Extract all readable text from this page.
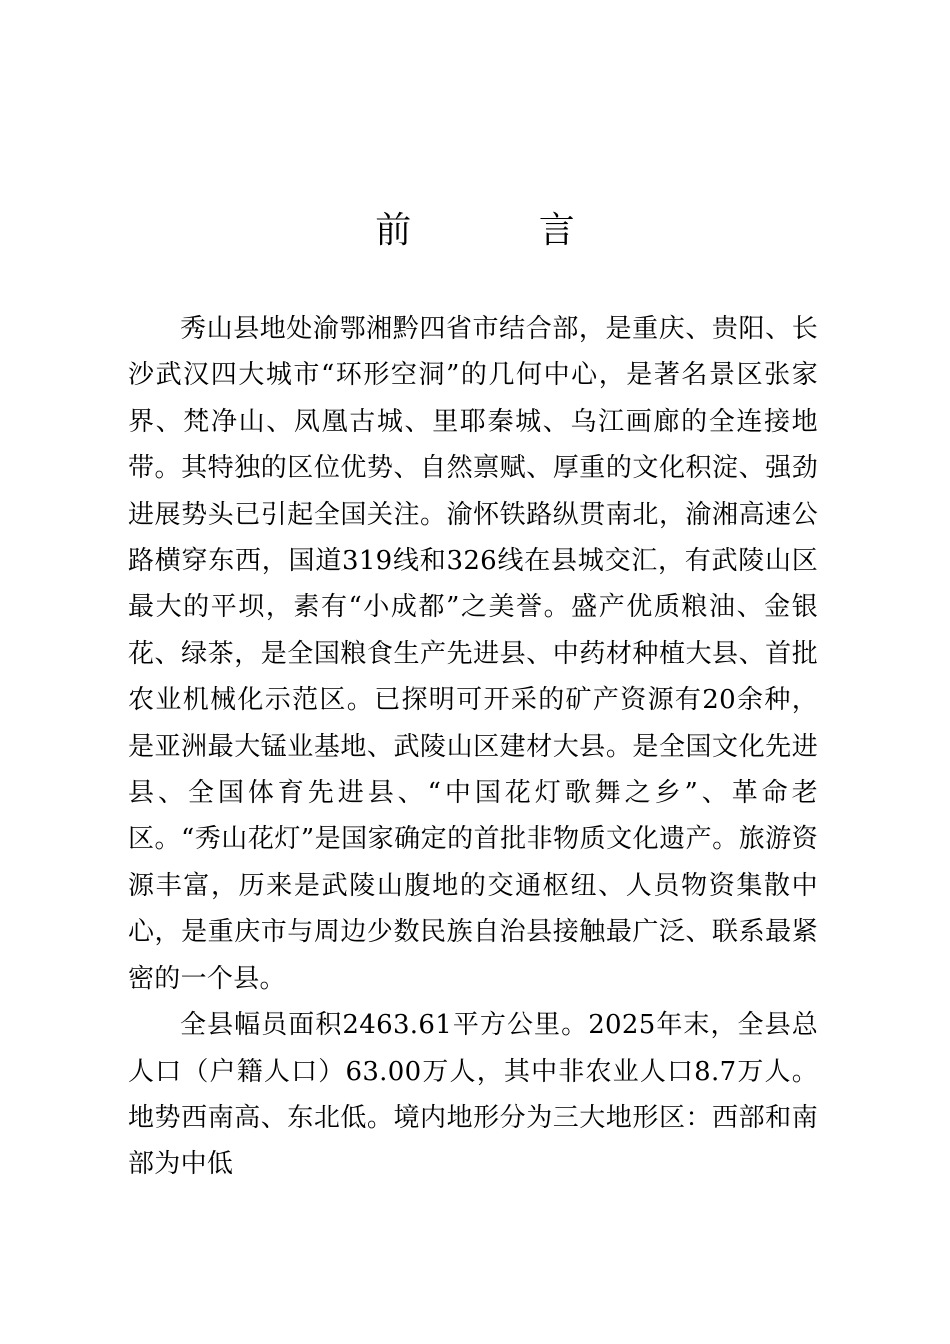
前 言

秀山县地处渝鄂湘黔四省市结合部，是重庆、贵阳、长沙武汉四大城市“环形空洞”的几何中心，是著名景区张家界、梵净山、凤凰古城、里耶秦城、乌江画廊的全连接地带。其特独的区位优势、自然禀赋、厚重的文化积淀、强劲进展势头已引起全国关注。渝怀铁路纵贯南北，渝湘高速公路横穿东西，国道319线和326线在县城交汇，有武陵山区最大的平坝，素有“小成都”之美誉。盛产优质粮油、金银花、绿茶，是全国粮食生产先进县、中药材种植大县、首批农业机械化示范区。已探明可开采的矿产资源有20余种，是亚洲最大锰业基地、武陵山区建材大县。是全国文化先进县、全国体育先进县、“中国花灯歌舞之乡”、革命老区。“秀山花灯”是国家确定的首批非物质文化遗产。旅游资源丰富，历来是武陵山腹地的交通枢纽、人员物资集散中心，是重庆市与周边少数民族自治县接触最广泛、联系最紧密的一个县。

全县幅员面积2463.61平方公里。2025年末，全县总人口（户籍人口）63.00万人，其中非农业人口8.7万人。地势西南高、东北低。境内地形分为三大地形区：西部和南部为中低
